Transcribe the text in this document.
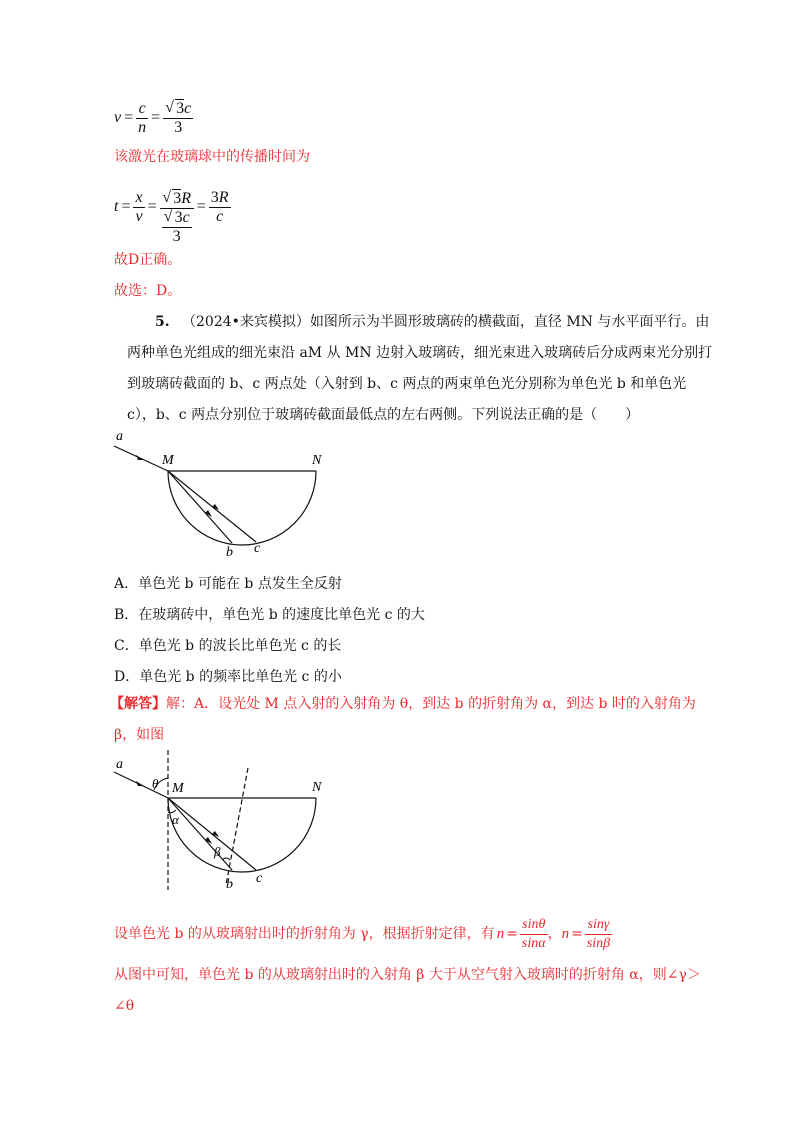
$v = \frac{c}{n}$ = √ $\frac{3c}{3}$
该激光在玻璃球中的传播时间为
$t = \frac{x}{v}$ = √ 3R
√ $\frac{3c}{3} = \frac{3R}{c}$
故D正确。
故选：D。
5. （2024•来宾模拟）如图所示为半圆形玻璃砖的横截面，直径 MN 与水平面平行。由
两种单色光组成的细光束沿 aM 从 MN 边射入玻璃砖，细光束进入玻璃砖后分成两束光分别打
到玻璃砖截面的 b、c 两点处（入射到 b、c 两点的两束单色光分别称为单色光 b 和单色光
c），b、c 两点分别位于玻璃砖截面最低点的左右两侧。下列说法正确的是（　　）
a
M	N
b c
A．单色光 b 可能在 b 点发生全反射
B．在玻璃砖中，单色光 b 的速度比单色光 c 的大
C．单色光 b 的波长比单色光 c 的长
D．单色光 b 的频率比单色光 c 的小
【解答】解：A．设光处 M 点入射的入射角为 θ，到达 b 的折射角为 α，到达 b 时的入射角为
β，如图
a
θ M	N
α
β
b c
设单色光 b 的从玻璃射出时的折射角为 γ，根据折射定律，有 $n = \frac{\sin\theta}{\sin\alpha}$ ， $n = \frac{\sin\gamma}{\sin\beta}$
从图中可知，单色光 b 的从玻璃射出时的入射角 β 大于从空气射入玻璃时的折射角 α，则∠γ＞
∠θ
